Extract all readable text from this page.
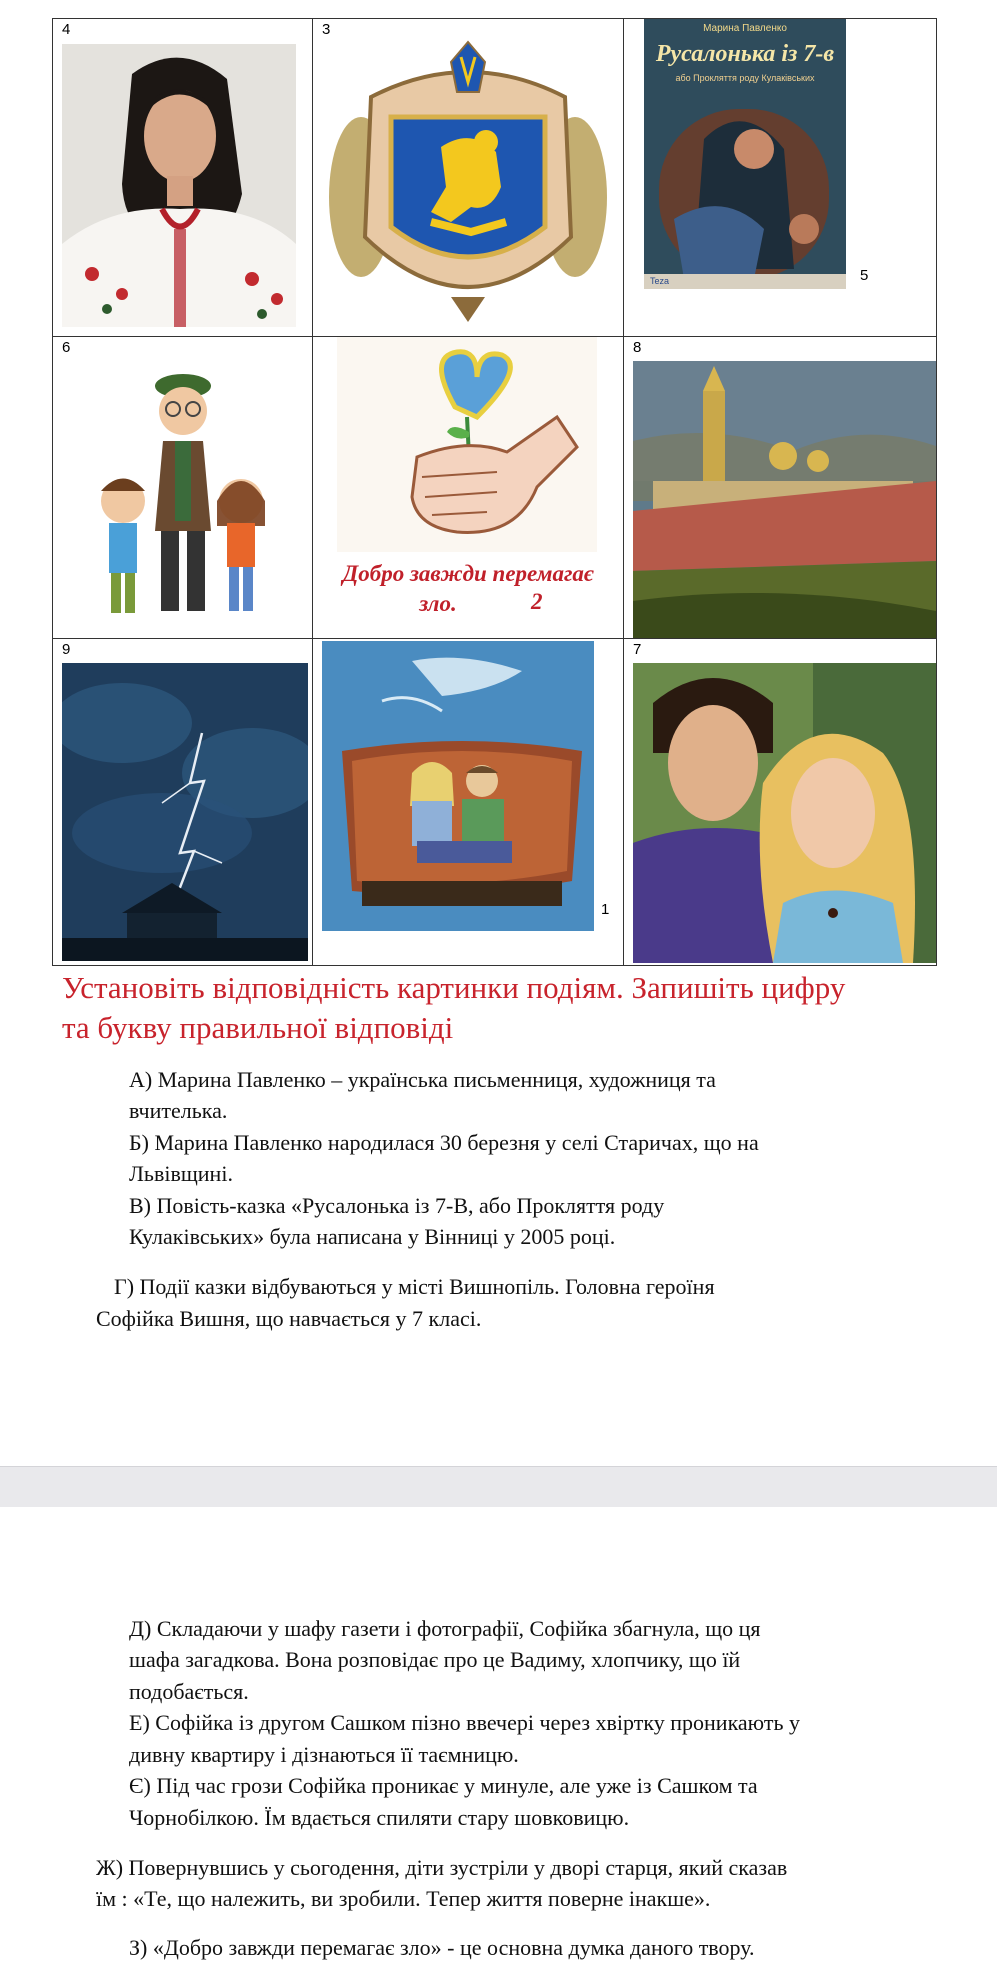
4	3	Марина Павленко
Русалонька із 7-в
або Прокляття роду Кулаківських
Teza	5
6
Добро завжди перемагає
зло.	2
8
9
1
7
Установіть відповідність картинки подіям. Запишіть цифру
та букву правильної відповіді
А) Марина Павленко – українська письменниця, художниця та
вчителька.
Б) Марина Павленко народилася 30 березня у селі Старичах, що на
Львівщині.
В) Повість-казка «Русалонька із 7-В, або Прокляття роду
Кулаківських» була написана у Вінниці у 2005 році.
Г) Події казки відбуваються у місті Вишнопіль. Головна героїня
Софійка Вишня, що навчається у 7 класі.
Д) Складаючи у шафу газети і фотографії, Софійка збагнула, що ця
шафа загадкова. Вона розповідає про це Вадиму, хлопчику, що їй
подобається.
Е) Софійка із другом Сашком пізно ввечері через хвіртку проникають у
дивну квартиру і дізнаються її таємницю.
Є) Під час грози Софійка проникає у минуле, але уже із Сашком та
Чорнобілкою. Їм вдається спиляти стару шовковицю.
Ж) Повернувшись у сьогодення, діти зустріли у дворі старця, який сказав
їм : «Те, що належить, ви зробили. Тепер життя поверне інакше».
З) «Добро завжди перемагає зло» - це основна думка даного твору.
